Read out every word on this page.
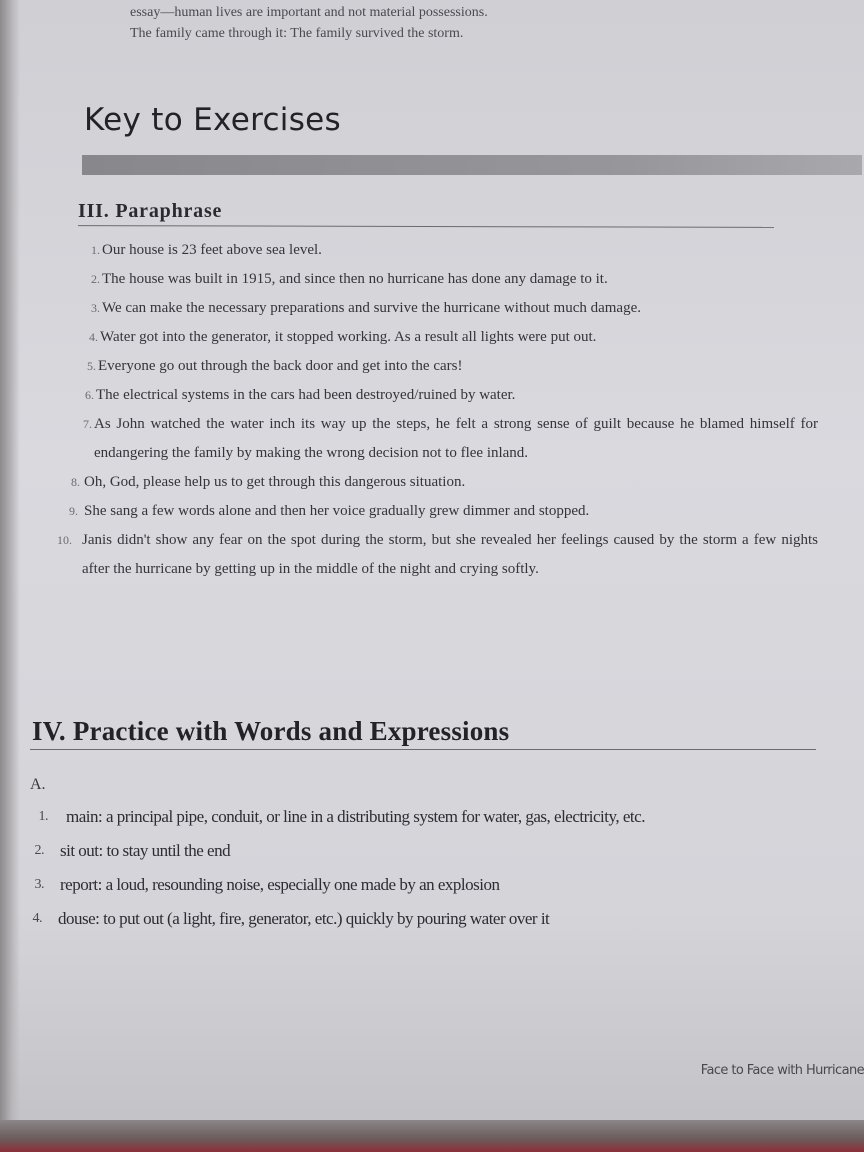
essay—human lives are important and not material possessions.
The family came through it: The family survived the storm.
Key to Exercises
III. Paraphrase
1. Our house is 23 feet above sea level.
2. The house was built in 1915, and since then no hurricane has done any damage to it.
3. We can make the necessary preparations and survive the hurricane without much damage.
4. Water got into the generator, it stopped working. As a result all lights were put out.
5. Everyone go out through the back door and get into the cars!
6. The electrical systems in the cars had been destroyed/ruined by water.
7. As John watched the water inch its way up the steps, he felt a strong sense of guilt because he blamed himself for endangering the family by making the wrong decision not to flee inland.
8. Oh, God, please help us to get through this dangerous situation.
9. She sang a few words alone and then her voice gradually grew dimmer and stopped.
10. Janis didn't show any fear on the spot during the storm, but she revealed her feelings caused by the storm a few nights after the hurricane by getting up in the middle of the night and crying softly.
IV. Practice with Words and Expressions
A.
1. main: a principal pipe, conduit, or line in a distributing system for water, gas, electricity, etc.
2. sit out: to stay until the end
3. report: a loud, resounding noise, especially one made by an explosion
4. douse: to put out (a light, fire, generator, etc.) quickly by pouring water over it
Face to Face with Hurricane
